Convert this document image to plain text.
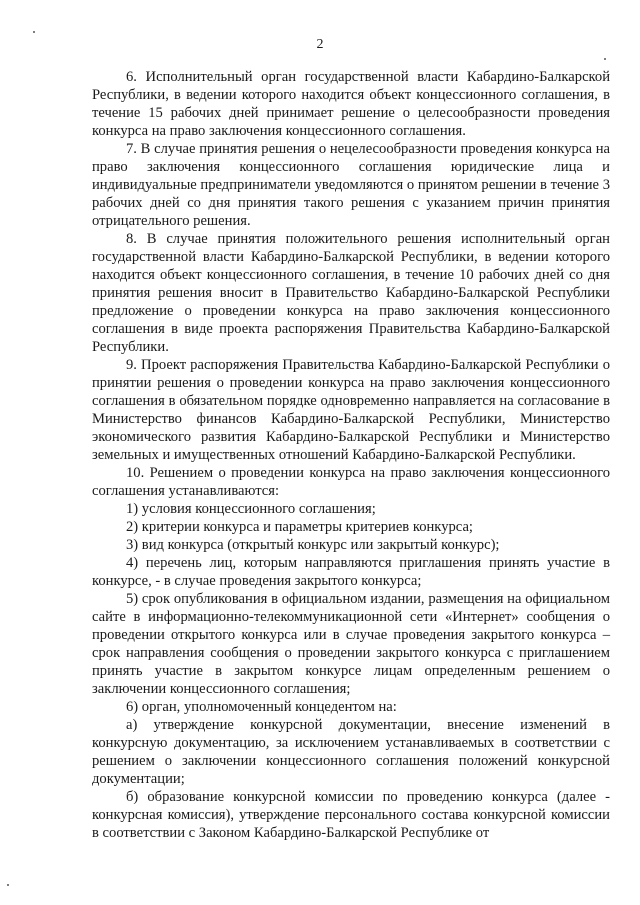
2

6. Исполнительный орган государственной власти Кабардино-Балкарской Республики, в ведении которого находится объект концессионного соглашения, в течение 15 рабочих дней принимает решение о целесообразности проведения конкурса на право заключения концессионного соглашения.

7. В случае принятия решения о нецелесообразности проведения конкурса на право заключения концессионного соглашения юридические лица и индивидуальные предприниматели уведомляются о принятом решении в течение 3 рабочих дней со дня принятия такого решения с указанием причин принятия отрицательного решения.

8. В случае принятия положительного решения исполнительный орган государственной власти Кабардино-Балкарской Республики, в ведении которого находится объект концессионного соглашения, в течение 10 рабочих дней со дня принятия решения вносит в Правительство Кабардино-Балкарской Республики предложение о проведении конкурса на право заключения концессионного соглашения в виде проекта распоряжения Правительства Кабардино-Балкарской Республики.

9. Проект распоряжения Правительства Кабардино-Балкарской Республики о принятии решения о проведении конкурса на право заключения концессионного соглашения в обязательном порядке одновременно направляется на согласование в Министерство финансов Кабардино-Балкарской Республики, Министерство экономического развития Кабардино-Балкарской Республики и Министерство земельных и имущественных отношений Кабардино-Балкарской Республики.

10. Решением о проведении конкурса на право заключения концессионного соглашения устанавливаются:

1) условия концессионного соглашения;

2) критерии конкурса и параметры критериев конкурса;

3) вид конкурса (открытый конкурс или закрытый конкурс);

4) перечень лиц, которым направляются приглашения принять участие в конкурсе, - в случае проведения закрытого конкурса;

5) срок опубликования в официальном издании, размещения на официальном сайте в информационно-телекоммуникационной сети «Интернет» сообщения о проведении открытого конкурса или в случае проведения закрытого конкурса – срок направления сообщения о проведении закрытого конкурса с приглашением принять участие в закрытом конкурсе лицам определенным решением о заключении концессионного соглашения;

6) орган, уполномоченный концедентом на:

а) утверждение конкурсной документации, внесение изменений в конкурсную документацию, за исключением устанавливаемых в соответствии с решением о заключении концессионного соглашения положений конкурсной документации;

б) образование конкурсной комиссии по проведению конкурса (далее - конкурсная комиссия), утверждение персонального состава конкурсной комиссии в соответствии с Законом Кабардино-Балкарской Республике от
